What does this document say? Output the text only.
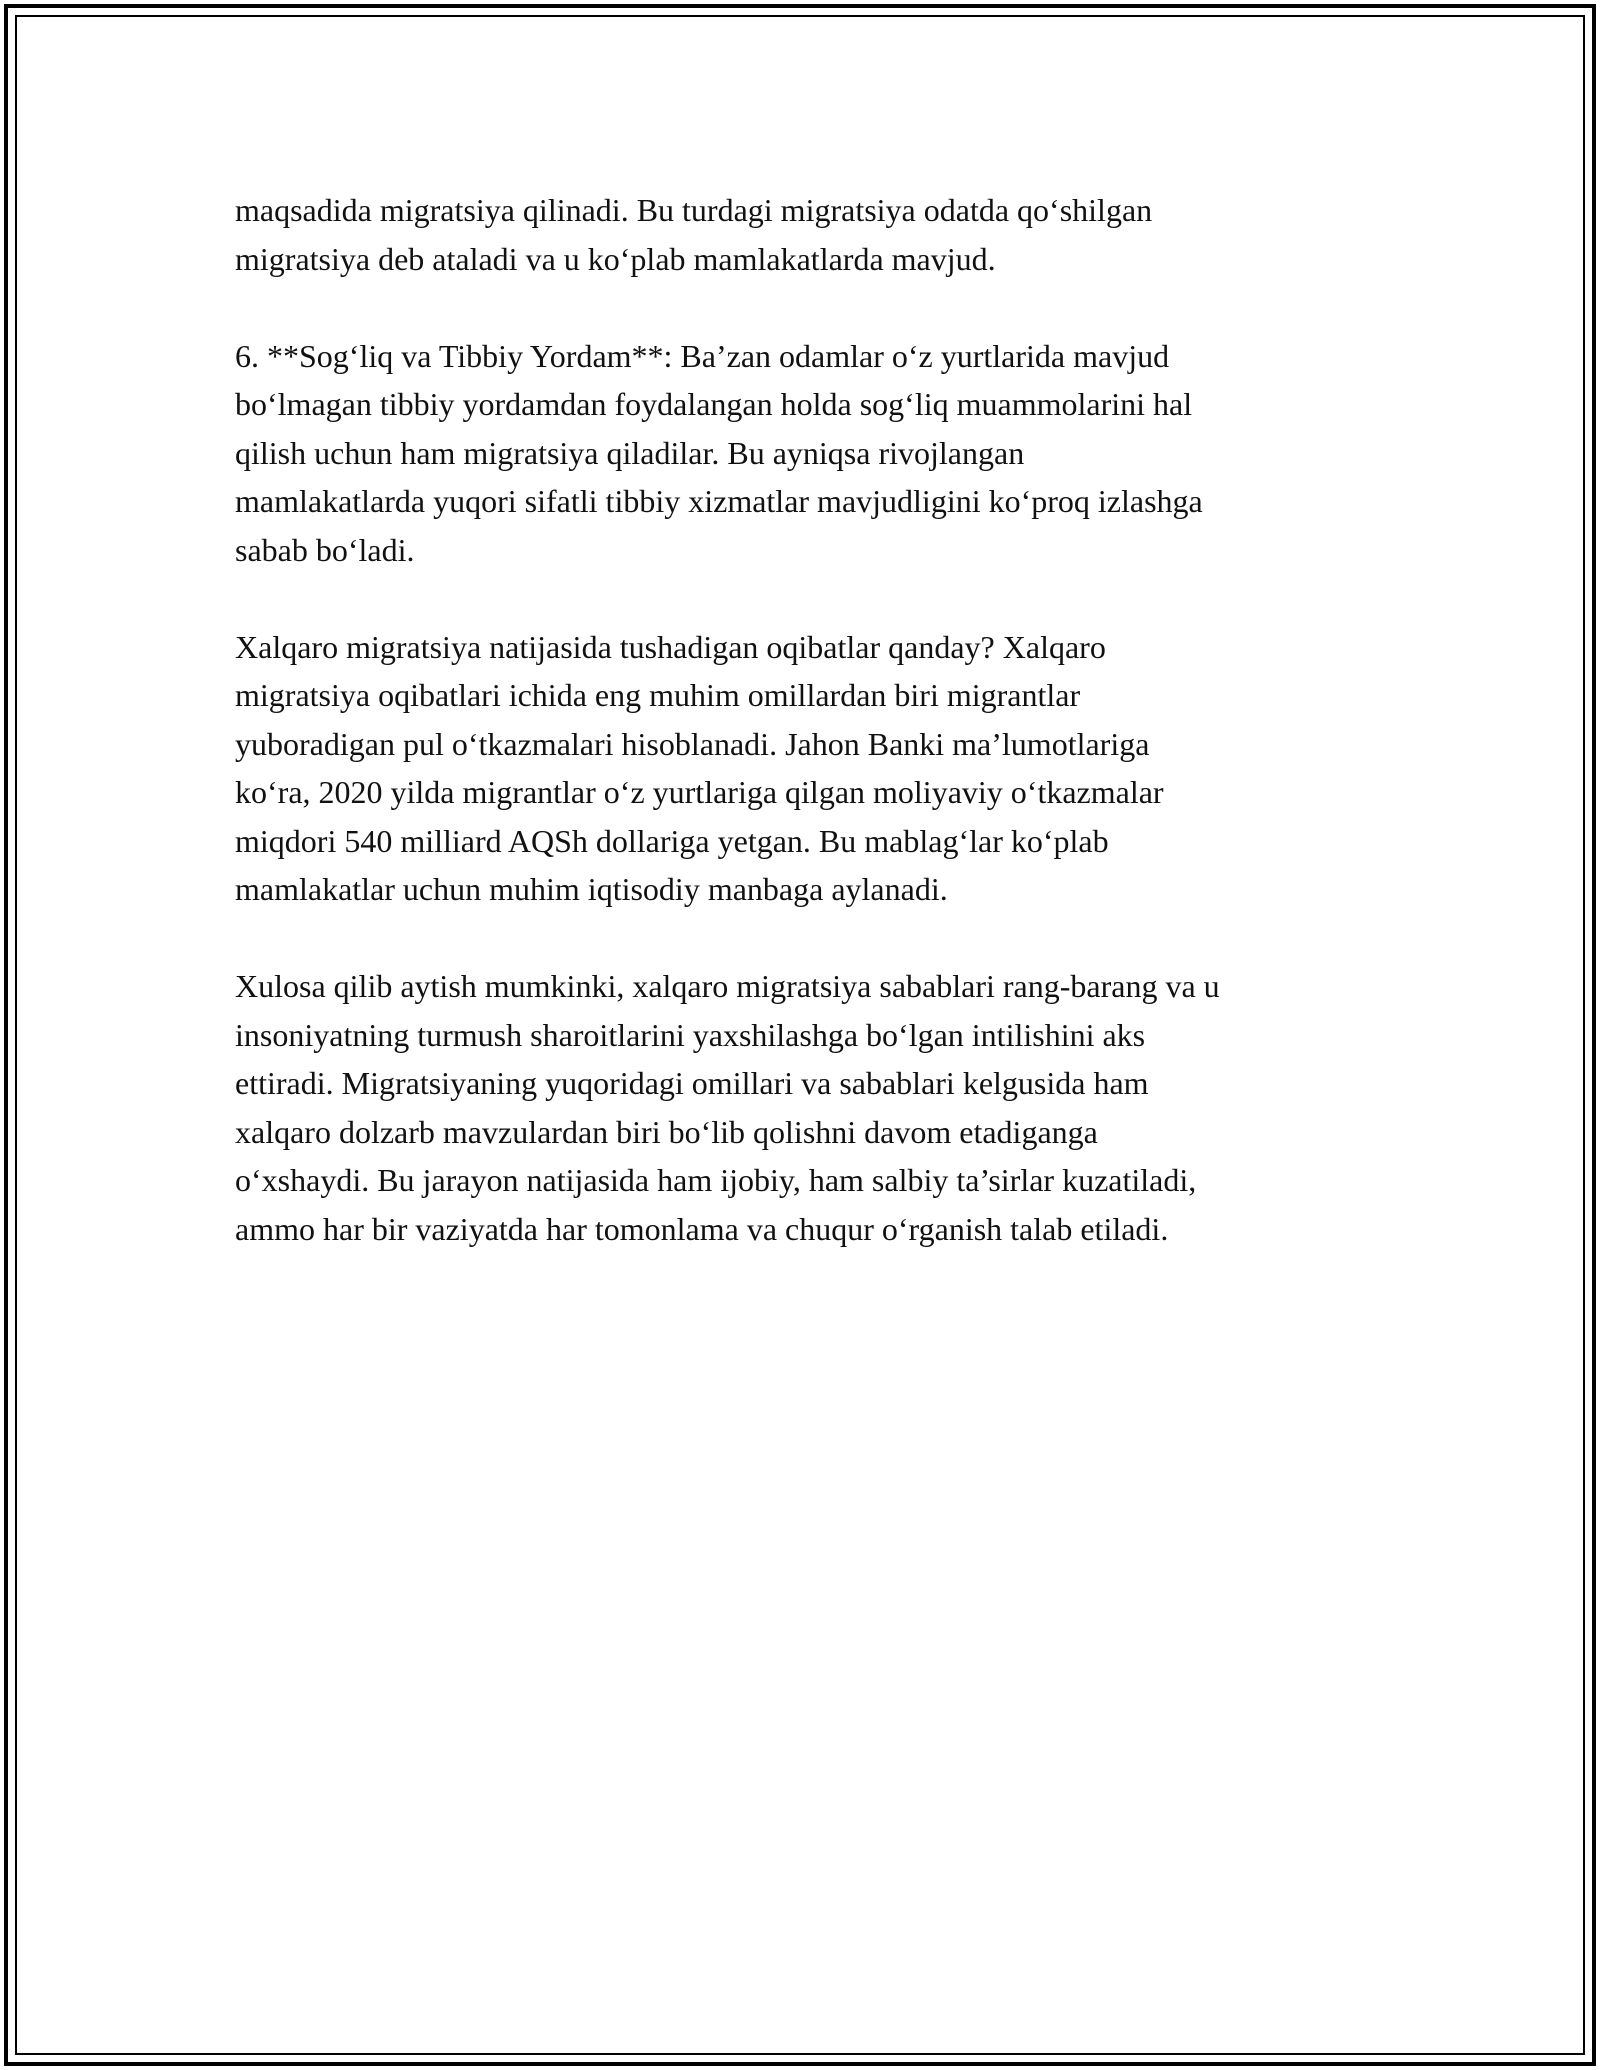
maqsadida migratsiya qilinadi. Bu turdagi migratsiya odatda qo‘shilgan
migratsiya deb ataladi va u ko‘plab mamlakatlarda mavjud.

6. **Sog‘liq va Tibbiy Yordam**: Ba’zan odamlar o‘z yurtlarida mavjud
bo‘lmagan tibbiy yordamdan foydalangan holda sog‘liq muammolarini hal
qilish uchun ham migratsiya qiladilar. Bu ayniqsa rivojlangan
mamlakatlarda yuqori sifatli tibbiy xizmatlar mavjudligini ko‘proq izlashga
sabab bo‘ladi.

Xalqaro migratsiya natijasida tushadigan oqibatlar qanday? Xalqaro
migratsiya oqibatlari ichida eng muhim omillardan biri migrantlar
yuboradigan pul o‘tkazmalari hisoblanadi. Jahon Banki ma’lumotlariga
ko‘ra, 2020 yilda migrantlar o‘z yurtlariga qilgan moliyaviy o‘tkazmalar
miqdori 540 milliard AQSh dollariga yetgan. Bu mablag‘lar ko‘plab
mamlakatlar uchun muhim iqtisodiy manbaga aylanadi.

Xulosa qilib aytish mumkinki, xalqaro migratsiya sabablari rang-barang va u
insoniyatning turmush sharoitlarini yaxshilashga bo‘lgan intilishini aks
ettiradi. Migratsiyaning yuqoridagi omillari va sabablari kelgusida ham
xalqaro dolzarb mavzulardan biri bo‘lib qolishni davom etadiganga
o‘xshaydi. Bu jarayon natijasida ham ijobiy, ham salbiy ta’sirlar kuzatiladi,
ammo har bir vaziyatda har tomonlama va chuqur o‘rganish talab etiladi.
